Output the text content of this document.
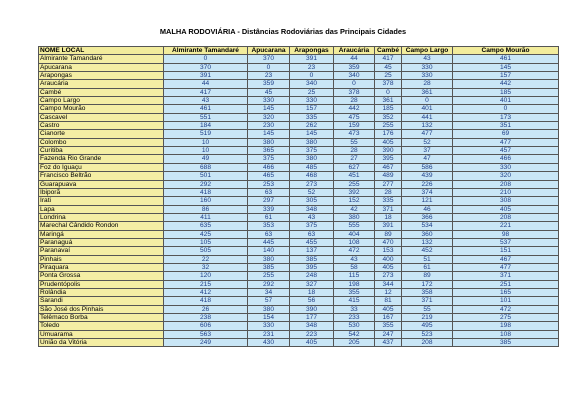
MALHA RODOVIÁRIA - Distâncias Rodoviárias das Principais Cidades
NOME LOCAL	Almirante Tamandaré	Apucarana	Arapongas	Araucária	Cambé	Campo Largo	Campo Mourão
Almirante Tamandaré	0	370	391	44	417	43	461
Apucarana	370	0	23	359	45	330	145
Arapongas	391	23	0	340	25	330	157
Araucária	44	359	340	0	378	28	442
Cambé	417	45	25	378	0	361	185
Campo Largo	43	330	330	28	361	0	401
Campo Mourão	461	145	157	442	185	401	0
Cascavel	551	320	335	475	352	441	173
Castro	184	230	262	159	255	132	351
Cianorte	519	145	145	473	176	477	69
Colombo	10	380	380	55	405	52	477
Curitiba	10	365	375	28	390	37	457
Fazenda Rio Grande	49	375	380	27	395	47	466
Foz do Iguaçu	688	466	485	627	467	586	330
Francisco Beltrão	501	465	468	451	489	439	320
Guarapuava	292	253	273	255	277	226	208
Ibiporã	418	63	52	392	28	374	210
Irati	160	297	305	152	335	121	308
Lapa	86	339	348	42	371	46	405
Londrina	411	61	43	380	18	366	208
Marechal Cândido Rondon	635	353	375	555	391	534	221
Maringá	425	63	63	404	89	360	98
Paranaguá	105	445	455	108	470	132	537
Paranavaí	505	140	137	472	153	452	151
Pinhais	22	380	385	43	400	51	467
Piraquara	32	385	395	58	405	61	477
Ponta Grossa	120	255	248	115	273	89	371
Prudentópolis	215	292	327	198	344	172	251
Rolândia	412	34	18	355	12	358	165
Sarandi	418	57	56	415	81	371	101
São José dos Pinhais	26	380	390	33	405	55	472
Telêmaco Borba	238	154	177	233	167	219	275
Toledo	606	330	348	530	355	495	198
Umuarama	563	231	223	542	247	523	108
União da Vitória	249	430	405	205	437	208	385
